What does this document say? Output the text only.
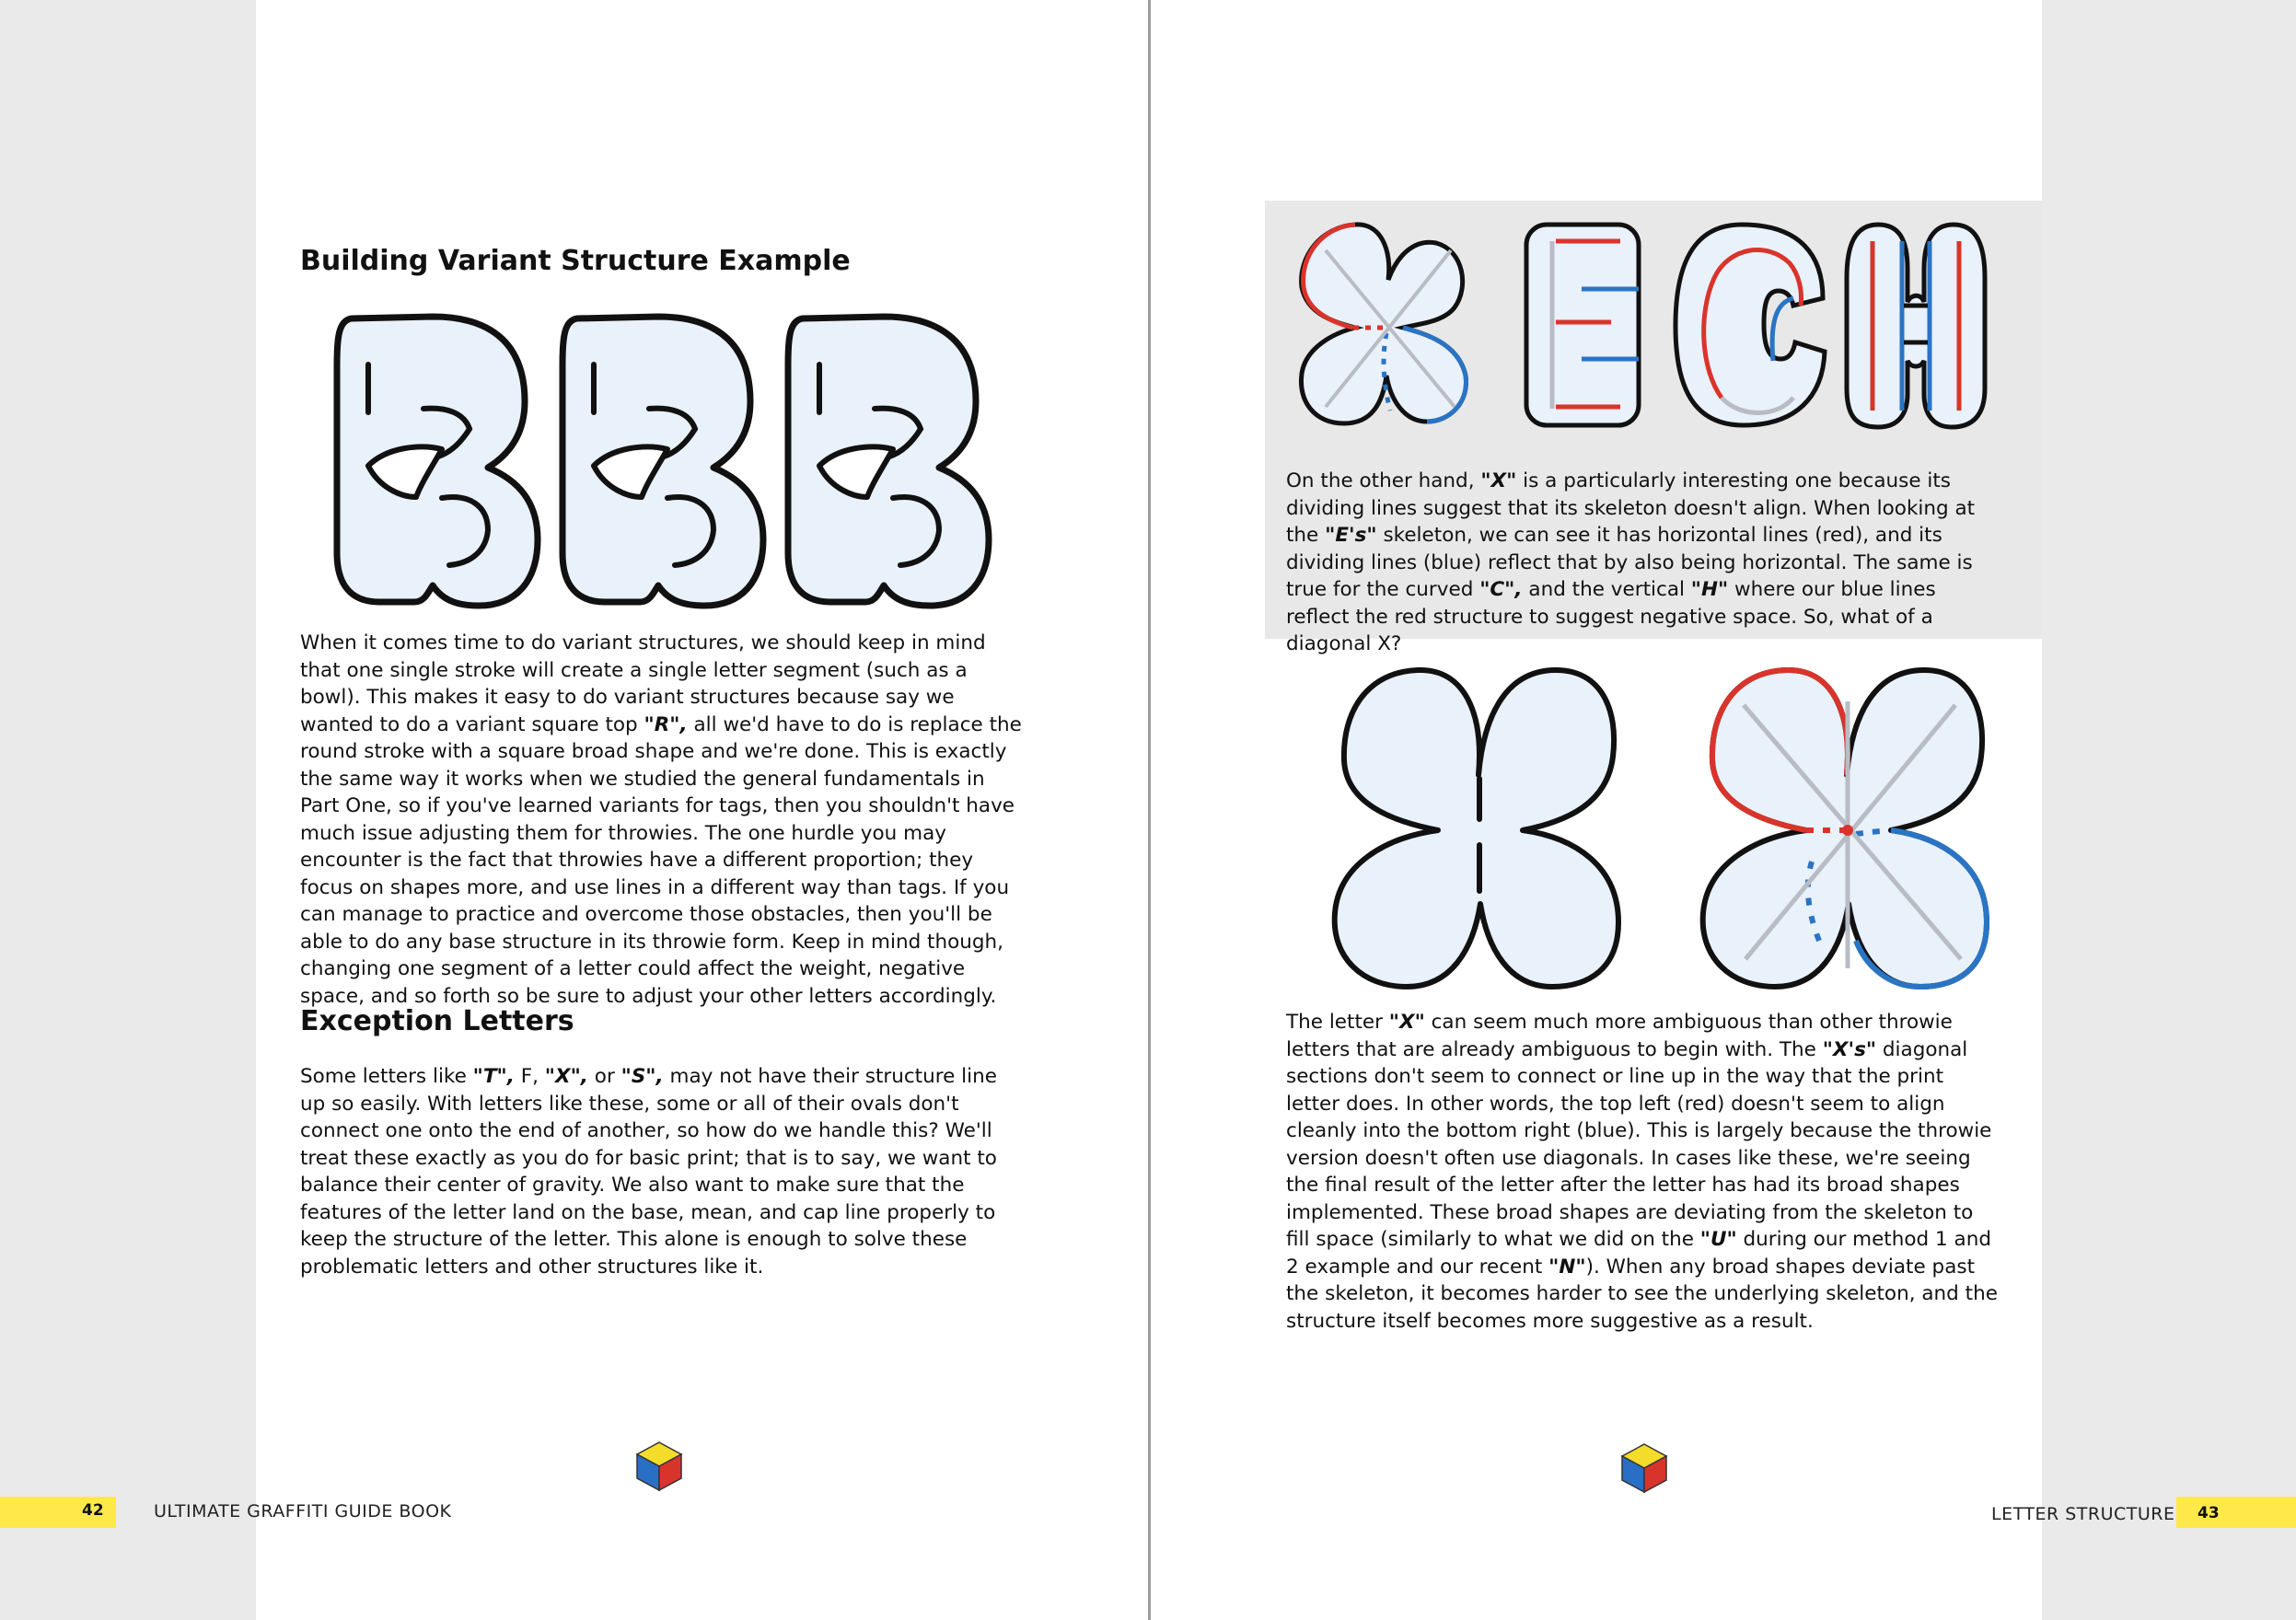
Building Variant Structure Example

When it comes time to do variant structures, we should keep in mind that one single stroke will create a single letter segment (such as a bowl). This makes it easy to do variant structures because say we wanted to do a variant square top "R", all we'd have to do is replace the round stroke with a square broad shape and we're done. This is exactly the same way it works when we studied the general fundamentals in Part One, so if you've learned variants for tags, then you shouldn't have much issue adjusting them for throwies. The one hurdle you may encounter is the fact that throwies have a different proportion; they focus on shapes more, and use lines in a different way than tags. If you can manage to practice and overcome those obstacles, then you'll be able to do any base structure in its throwie form. Keep in mind though, changing one segment of a letter could affect the weight, negative space, and so forth so be sure to adjust your other letters accordingly.

Exception Letters

Some letters like "T", F, "X", or "S", may not have their structure line up so easily. With letters like these, some or all of their ovals don't connect one onto the end of another, so how do we handle this? We'll treat these exactly as you do for basic print; that is to say, we want to balance their center of gravity. We also want to make sure that the features of the letter land on the base, mean, and cap line properly to keep the structure of the letter. This alone is enough to solve these problematic letters and other structures like it.

42	ULTIMATE GRAFFITI GUIDE BOOK

On the other hand, "X" is a particularly interesting one because its dividing lines suggest that its skeleton doesn't align. When looking at the "E's" skeleton, we can see it has horizontal lines (red), and its dividing lines (blue) reflect that by also being horizontal. The same is true for the curved "C", and the vertical "H" where our blue lines reflect the red structure to suggest negative space. So, what of a diagonal X?

The letter "X" can seem much more ambiguous than other throwie letters that are already ambiguous to begin with. The "X's" diagonal sections don't seem to connect or line up in the way that the print letter does. In other words, the top left (red) doesn't seem to align cleanly into the bottom right (blue). This is largely because the throwie version doesn't often use diagonals. In cases like these, we're seeing the final result of the letter after the letter has had its broad shapes implemented. These broad shapes are deviating from the skeleton to fill space (similarly to what we did on the "U" during our method 1 and 2 example and our recent "N"). When any broad shapes deviate past the skeleton, it becomes harder to see the underlying skeleton, and the structure itself becomes more suggestive as a result.

43
LETTER STRUCTURE
